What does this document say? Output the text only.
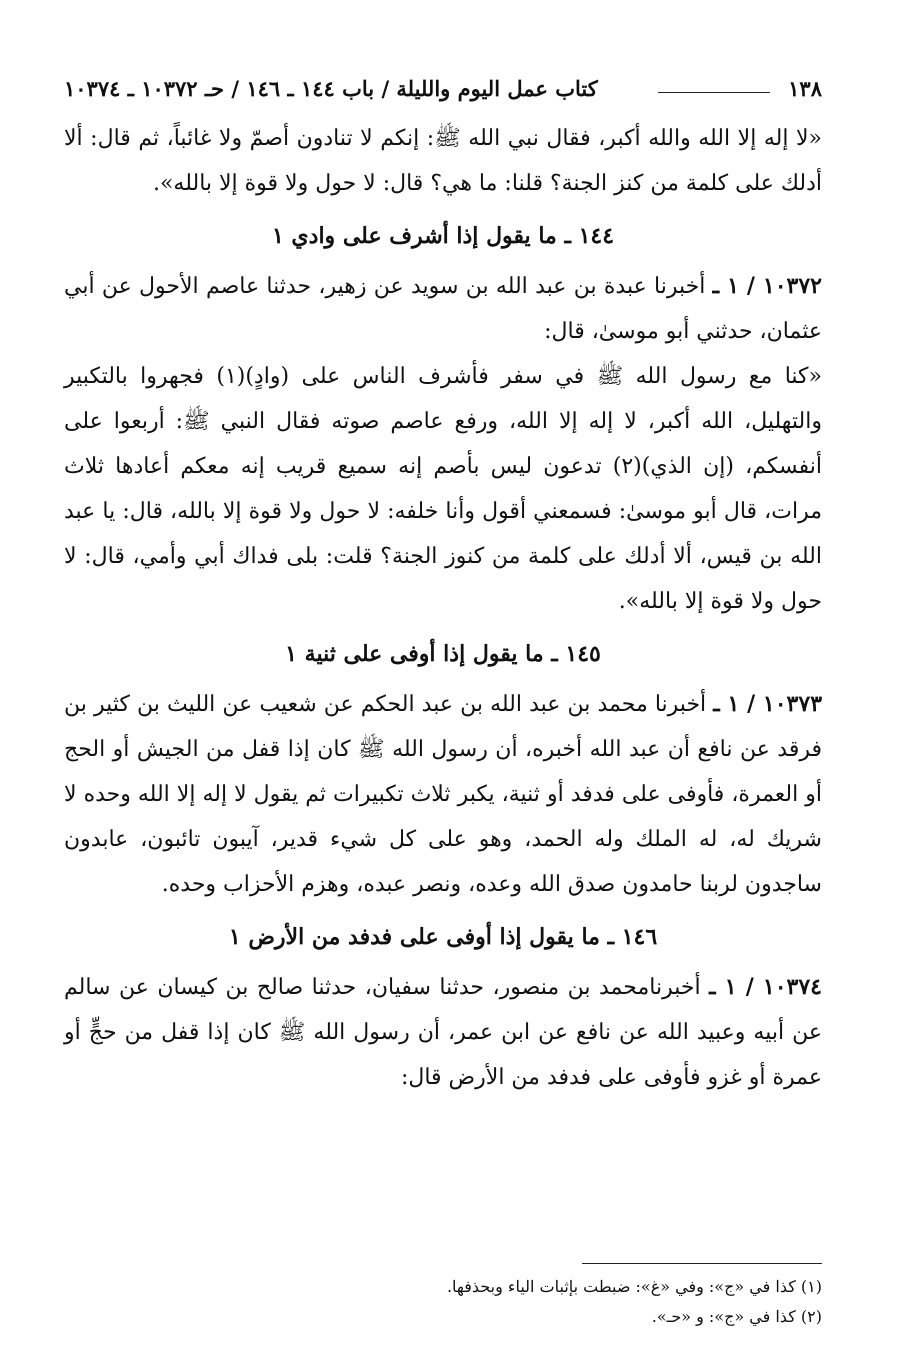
١٣٨
كتاب عمل اليوم والليلة / باب ١٤٤ ـ ١٤٦ / حـ ١٠٣٧٢ ـ ١٠٣٧٤

«لا إله إلا الله والله أكبر، فقال نبي الله ﷺ: إنكم لا تنادون أصمّ ولا غائباً، ثم قال: ألا أدلك على كلمة من كنز الجنة؟ قلنا: ما هي؟ قال: لا حول ولا قوة إلا بالله».

١٤٤ ـ ما يقول إذا أشرف على وادي ١

١٠٣٧٢ / ١ ـ أخبرنا عبدة بن عبد الله بن سويد عن زهير، حدثنا عاصم الأحول عن أبي عثمان، حدثني أبو موسىٰ، قال:

«كنا مع رسول الله ﷺ في سفر فأشرف الناس على (وادٍ)(١) فجهروا بالتكبير والتهليل، الله أكبر، لا إله إلا الله، ورفع عاصم صوته فقال النبي ﷺ: أربعوا على أنفسكم، (إن الذي)(٢) تدعون ليس بأصم إنه سميع قريب إنه معكم أعادها ثلاث مرات، قال أبو موسىٰ: فسمعني أقول وأنا خلفه: لا حول ولا قوة إلا بالله، قال: يا عبد الله بن قيس، ألا أدلك على كلمة من كنوز الجنة؟ قلت: بلى فداك أبي وأمي، قال: لا حول ولا قوة إلا بالله».

١٤٥ ـ ما يقول إذا أوفى على ثنية ١

١٠٣٧٣ / ١ ـ أخبرنا محمد بن عبد الله بن عبد الحكم عن شعيب عن الليث بن كثير بن فرقد عن نافع أن عبد الله أخبره، أن رسول الله ﷺ كان إذا قفل من الجيش أو الحج أو العمرة، فأوفى على فدفد أو ثنية، يكبر ثلاث تكبيرات ثم يقول لا إله إلا الله وحده لا شريك له، له الملك وله الحمد، وهو على كل شيء قدير، آيبون تائبون، عابدون ساجدون لربنا حامدون صدق الله وعده، ونصر عبده، وهزم الأحزاب وحده.

١٤٦ ـ ما يقول إذا أوفى على فدفد من الأرض ١

١٠٣٧٤ / ١ ـ أخبرنامحمد بن منصور، حدثنا سفيان، حدثنا صالح بن كيسان عن سالم عن أبيه وعبيد الله عن نافع عن ابن عمر، أن رسول الله ﷺ كان إذا قفل من حجٍّ أو عمرة أو غزو فأوفى على فدفد من الأرض قال:

(١) كذا في «ج»: وفي «غ»: ضبطت بإثبات الياء وبحذفها.

(٢) كذا في «ج»: و «حـ».
